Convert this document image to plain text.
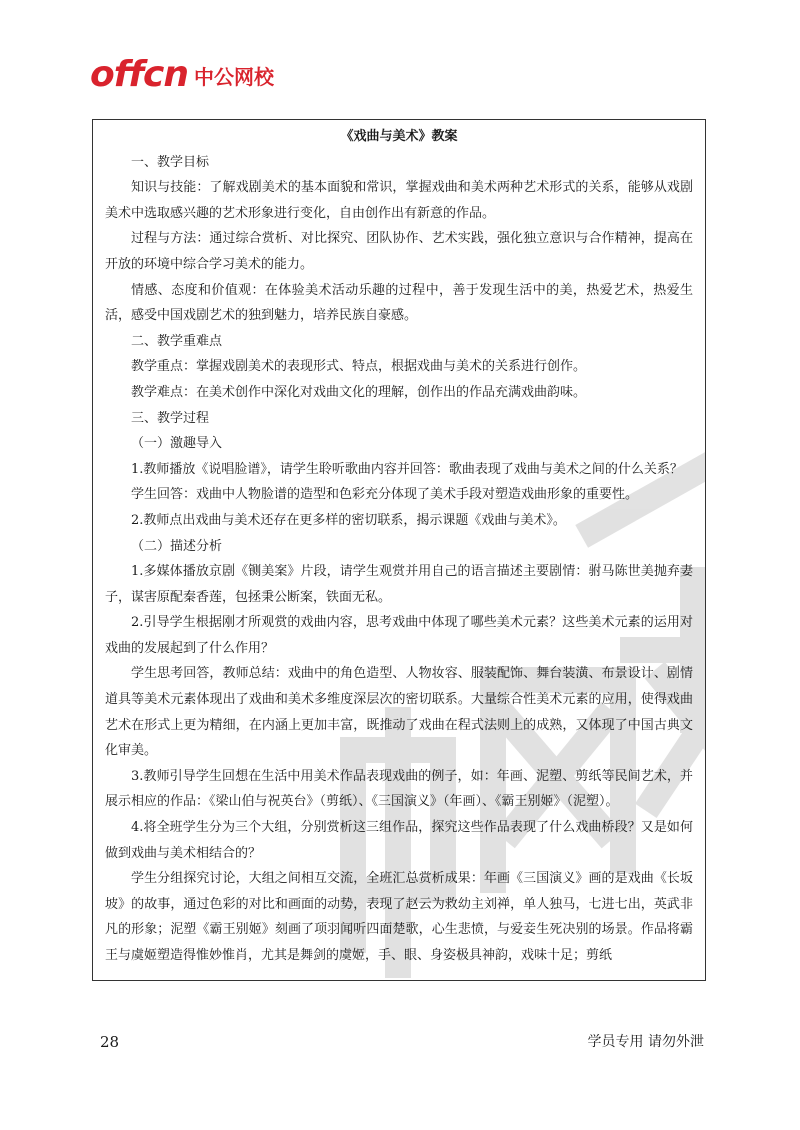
offcn 中公网校

《戏曲与美术》教案

一、教学目标

知识与技能：了解戏剧美术的基本面貌和常识，掌握戏曲和美术两种艺术形式的关系，能够从戏剧美术中选取感兴趣的艺术形象进行变化，自由创作出有新意的作品。

过程与方法：通过综合赏析、对比探究、团队协作、艺术实践，强化独立意识与合作精神，提高在开放的环境中综合学习美术的能力。

情感、态度和价值观：在体验美术活动乐趣的过程中，善于发现生活中的美，热爱艺术，热爱生活，感受中国戏剧艺术的独到魅力，培养民族自豪感。

二、教学重难点

教学重点：掌握戏剧美术的表现形式、特点，根据戏曲与美术的关系进行创作。

教学难点：在美术创作中深化对戏曲文化的理解，创作出的作品充满戏曲韵味。

三、教学过程

（一）激趣导入

1.教师播放《说唱脸谱》，请学生聆听歌曲内容并回答：歌曲表现了戏曲与美术之间的什么关系？

学生回答：戏曲中人物脸谱的造型和色彩充分体现了美术手段对塑造戏曲形象的重要性。

2.教师点出戏曲与美术还存在更多样的密切联系，揭示课题《戏曲与美术》。

（二）描述分析

1.多媒体播放京剧《铡美案》片段，请学生观赏并用自己的语言描述主要剧情：驸马陈世美抛弃妻子，谋害原配秦香莲，包拯秉公断案，铁面无私。

2.引导学生根据刚才所观赏的戏曲内容，思考戏曲中体现了哪些美术元素？这些美术元素的运用对戏曲的发展起到了什么作用？

学生思考回答，教师总结：戏曲中的角色造型、人物妆容、服装配饰、舞台装潢、布景设计、剧情道具等美术元素体现出了戏曲和美术多维度深层次的密切联系。大量综合性美术元素的应用，使得戏曲艺术在形式上更为精细，在内涵上更加丰富，既推动了戏曲在程式法则上的成熟，又体现了中国古典文化审美。

3.教师引导学生回想在生活中用美术作品表现戏曲的例子，如：年画、泥塑、剪纸等民间艺术，并展示相应的作品：《梁山伯与祝英台》（剪纸）、《三国演义》（年画）、《霸王别姬》（泥塑）。

4.将全班学生分为三个大组，分别赏析这三组作品，探究这些作品表现了什么戏曲桥段？又是如何做到戏曲与美术相结合的？

学生分组探究讨论，大组之间相互交流，全班汇总赏析成果：年画《三国演义》画的是戏曲《长坂坡》的故事，通过色彩的对比和画面的动势，表现了赵云为救幼主刘禅，单人独马，七进七出，英武非凡的形象；泥塑《霸王别姬》刻画了项羽闻听四面楚歌，心生悲愤，与爱妾生死决别的场景。作品将霸王与虞姬塑造得惟妙惟肖，尤其是舞剑的虞姬，手、眼、身姿极具神韵，戏味十足；剪纸

28	学员专用 请勿外泄
